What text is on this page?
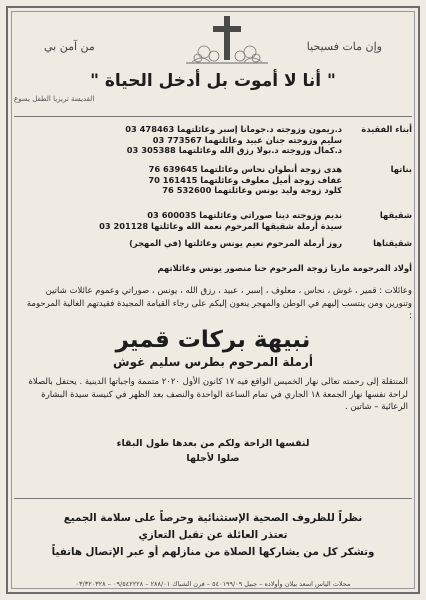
وإن مات فسيحيا
من آمن بي
" أنا لا أموت بل أدخل الحياة "
القديسة تريزيا الطفل يسوع
أبناء الفقيدة
د.ريمون وزوجته د.جومانا إسبر وعائلتهما 478463 03
سليم وزوجته جنان عبيد وعائلتهما 773567 03
د.كمال وزوجته د.بولا رزق الله وعائلتهما 305388 03
بناتها
هدى زوجة أنطوان نحاس وعائلتهما 639645 76
عفاف زوجة أميل معلوف وعائلتهما 161415 70
كلود زوجة وليد يونس وعائلتهما 532600 76
شقيقها
نديم وزوجته دينا صوراتي وعائلتهما 600035 03
سيدة أرملة شقيقها المرحوم نعمة الله وعائلتها 201128 03
شقيقتاها
روز أرملة المرحوم نعيم يونس وعائلتها (في المهجر)
أولاد المرحومة ماريا زوجة المرحوم حنا منصور يونس وعائلاتهم
وعائلات : قمير ، غوش ، نحاس ، معلوف ، إسبر ، عبيد ، رزق الله ، يونس ، صوراتي وعموم عائلات شاتين وتنورين ومن ينتسب إليهم في الوطن والمهجر ينعون إليكم على رجاء القيامة المجيدة فقيدتهم الغالية المرحومة :
نبيهة بركات قمير
أرملة المرحوم بطرس سليم غوش
المنتقلة إلى رحمته تعالى نهار الخميس الواقع فيه ١٧ كانون الأول ٢٠٢٠ متممة واجباتها الدينية . يحتفل بالصلاة لراحة نفسها نهار الجمعة ١٨ الجاري في تمام الساعة الواحدة والنصف بعد الظهر في كنيسة سيدة البشارة الرعائية – شاتين .
لنفسها الراحة ولكم من بعدها طول البقاء
صلوا لأجلها
نظراً للظروف الصحية الإستثنائية وحرصاً على سلامة الجميع
تعتذر العائلة عن تقبل التعازي
وتشكر كل من يشاركها الصلاة من منازلهم أو عبر الإتصال هاتفياً
محلات الياس اسعد بيلان وأولاده – جبيل ٥٤٠١٩٩/٠٩ – فرن الشباك ٢٨٨/٠١ – ٠٩/٥٤٢٢٢٨ – ٠٣/٣٢٠٣٢٨
